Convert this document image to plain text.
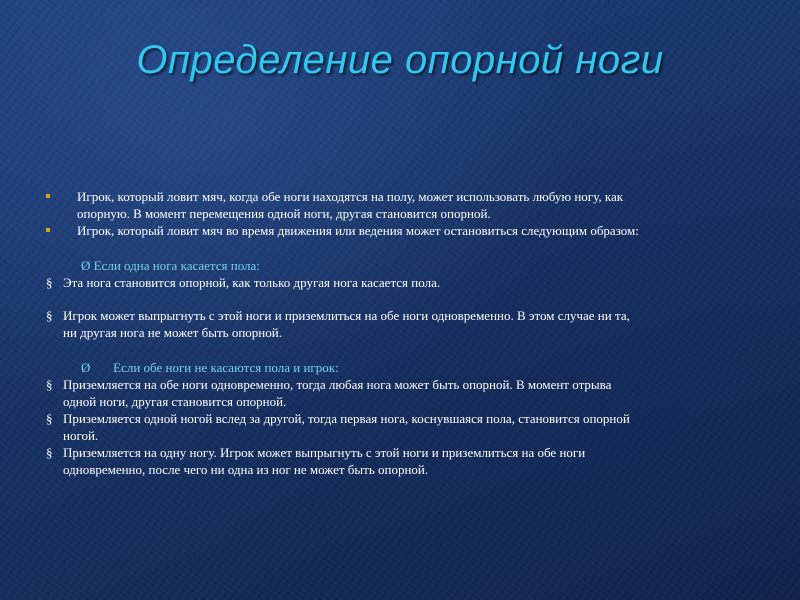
Определение опорной ноги
Игрок, который ловит мяч, когда обе ноги находятся на полу, может использовать любую ногу, как
опорную. В момент перемещения одной ноги, другая становится опорной.
Игрок, который ловит мяч во время движения или ведения может остановиться следующим образом:
Ø Если одна нога касается пола:
§ Эта нога становится опорной, как только другая нога касается пола.
§ Игрок может выпрыгнуть с этой ноги и приземлиться на обе ноги одновременно. В этом случае ни та,
ни другая нога не может быть опорной.
Ø       Если обе ноги не касаются пола и игрок:
§ Приземляется на обе ноги одновременно, тогда любая нога может быть опорной. В момент отрыва
одной ноги, другая становится опорной.
§ Приземляется одной ногой вслед за другой, тогда первая нога, коснувшаяся пола, становится опорной
ногой.
§ Приземляется на одну ногу. Игрок может выпрыгнуть с этой ноги и приземлиться на обе ноги
одновременно, после чего ни одна из ног не может быть опорной.
